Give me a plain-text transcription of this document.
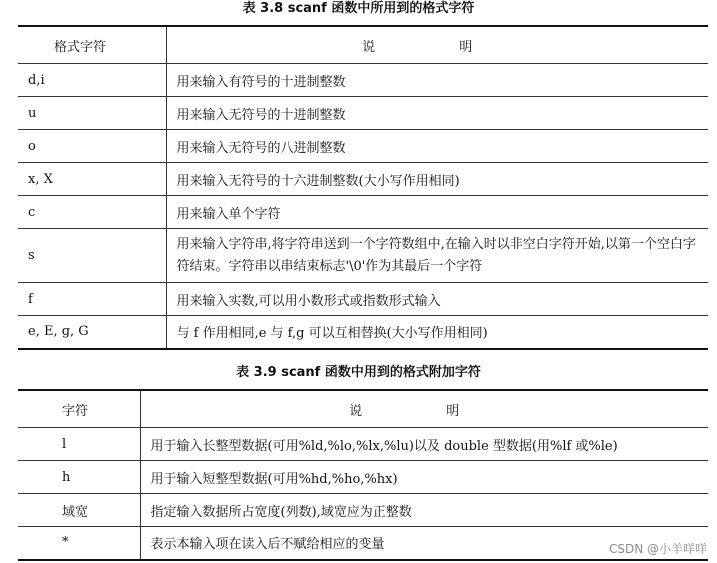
表 3.8 scanf 函数中所用到的格式字符
格式字符	说 明
d,i	用来输入有符号的十进制整数
u	用来输入无符号的十进制整数
o	用来输入无符号的八进制整数
x, X	用来输入无符号的十六进制整数(大小写作用相同)
c	用来输入单个字符
s	用来输入字符串,将字符串送到一个字符数组中,在输入时以非空白字符开始,以第一个空白字符结束。字符串以串结束标志'\0'作为其最后一个字符
f	用来输入实数,可以用小数形式或指数形式输入
e, E, g, G	与 f 作用相同,e 与 f,g 可以互相替换(大小写作用相同)
表 3.9 scanf 函数中用到的格式附加字符
字符	说 明
l	用于输入长整型数据(可用%ld,%lo,%lx,%lu)以及 double 型数据(用%lf 或%le)
h	用于输入短整型数据(可用%hd,%ho,%hx)
域宽	指定输入数据所占宽度(列数),域宽应为正整数
*	表示本输入项在读入后不赋给相应的变量	CSDN @小羊咩咩
